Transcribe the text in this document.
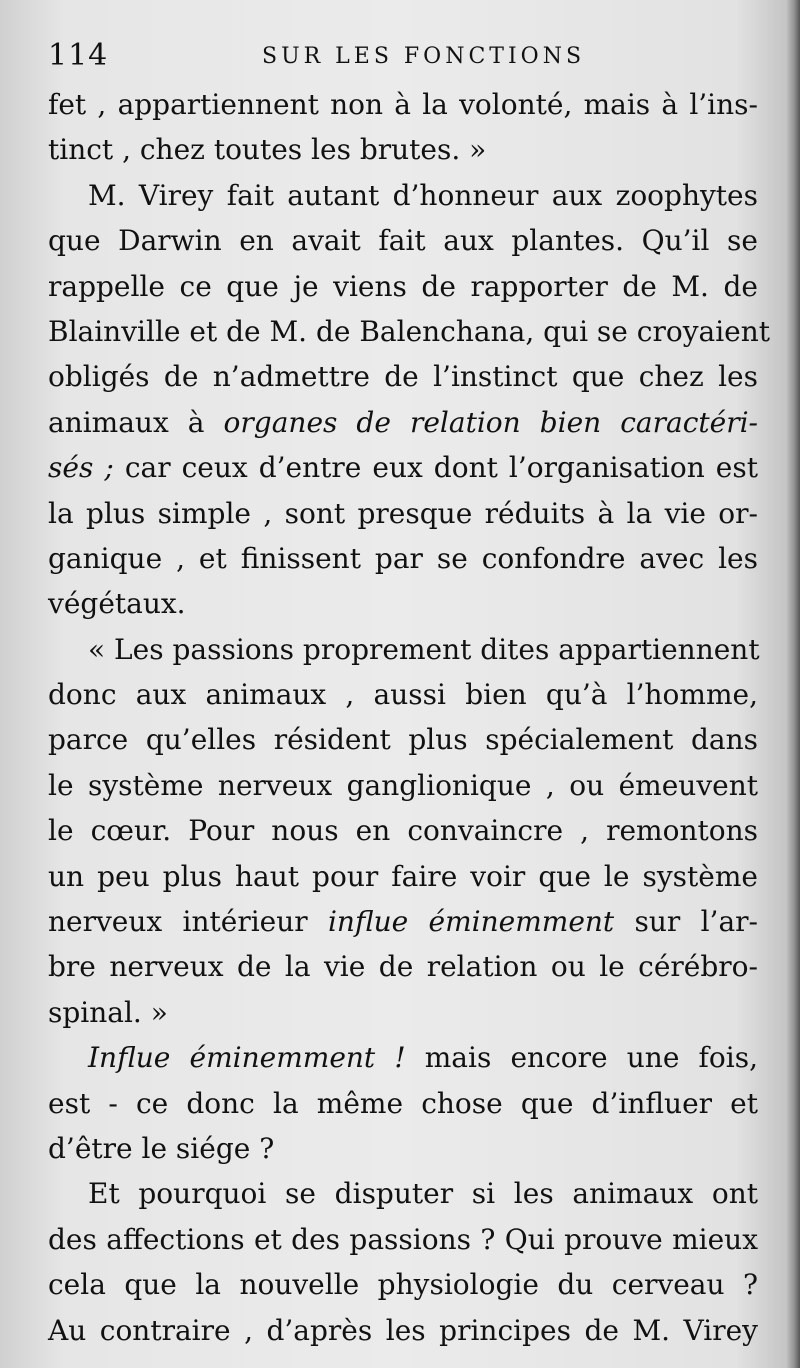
114	SUR LES FONCTIONS
fet , appartiennent non à la volonté, mais à l’ins-
tinct , chez toutes les brutes. »
M. Virey fait autant d’honneur aux zoophytes
que Darwin en avait fait aux plantes. Qu’il se
rappelle ce que je viens de rapporter de M. de
Blainville et de M. de Balenchana, qui se croyaient
obligés de n’admettre de l’instinct que chez les
animaux à organes de relation bien caractéri-
sés ; car ceux d’entre eux dont l’organisation est
la plus simple , sont presque réduits à la vie or-
ganique , et finissent par se confondre avec les
végétaux.
« Les passions proprement dites appartiennent
donc aux animaux , aussi bien qu’à l’homme,
parce qu’elles résident plus spécialement dans
le système nerveux ganglionique , ou émeuvent
le cœur. Pour nous en convaincre , remontons
un peu plus haut pour faire voir que le système
nerveux intérieur influe éminemment sur l’ar-
bre nerveux de la vie de relation ou le cérébro-
spinal. »
Influe éminemment ! mais encore une fois,
est - ce donc la même chose que d’influer et
d’être le siége ?
Et pourquoi se disputer si les animaux ont
des affections et des passions ? Qui prouve mieux
cela que la nouvelle physiologie du cerveau ?
Au contraire , d’après les principes de M. Virey
